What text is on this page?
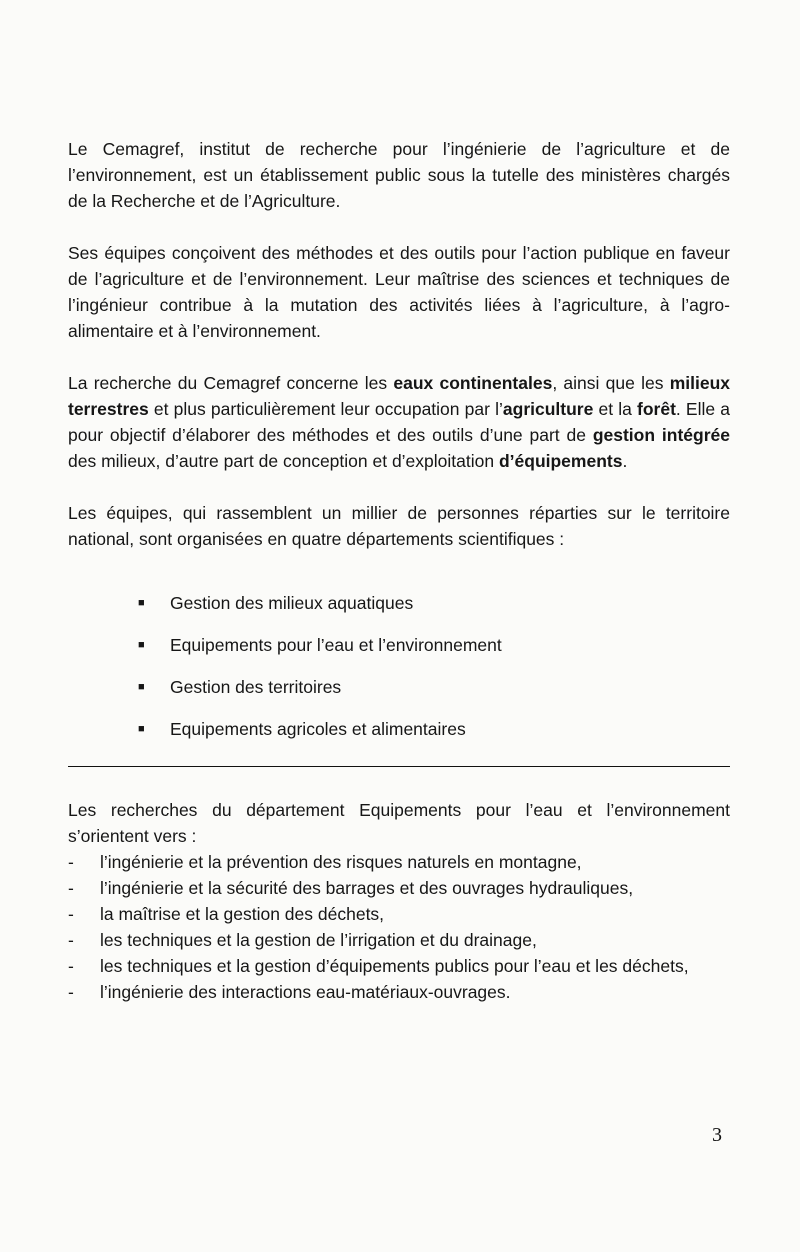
Le Cemagref, institut de recherche pour l’ingénierie de l’agriculture et de l’environnement, est un établissement public sous la tutelle des ministères chargés de la Recherche et de l’Agriculture.

Ses équipes conçoivent des méthodes et des outils pour l’action publique en faveur de l’agriculture et de l’environnement. Leur maîtrise des sciences et techniques de l’ingénieur contribue à la mutation des activités liées à l’agriculture, à l’agro-alimentaire et à l’environnement.

La recherche du Cemagref concerne les eaux continentales, ainsi que les milieux terrestres et plus particulièrement leur occupation par l’agriculture et la forêt. Elle a pour objectif d’élaborer des méthodes et des outils d’une part de gestion intégrée des milieux, d’autre part de conception et d’exploitation d’équipements.

Les équipes, qui rassemblent un millier de personnes réparties sur le territoire national, sont organisées en quatre départements scientifiques :

■	Gestion des milieux aquatiques
■	Equipements pour l’eau et l’environnement
■	Gestion des territoires
■	Equipements agricoles et alimentaires

Les recherches du département Equipements pour l’eau et l’environnement s’orientent vers :

-	l’ingénierie et la prévention des risques naturels en montagne,
-	l’ingénierie et la sécurité des barrages et des ouvrages hydrauliques,
-	la maîtrise et la gestion des déchets,
-	les techniques et la gestion de l’irrigation et du drainage,
-	les techniques et la gestion d’équipements publics pour l’eau et les déchets,
-	l’ingénierie des interactions eau-matériaux-ouvrages.
3
